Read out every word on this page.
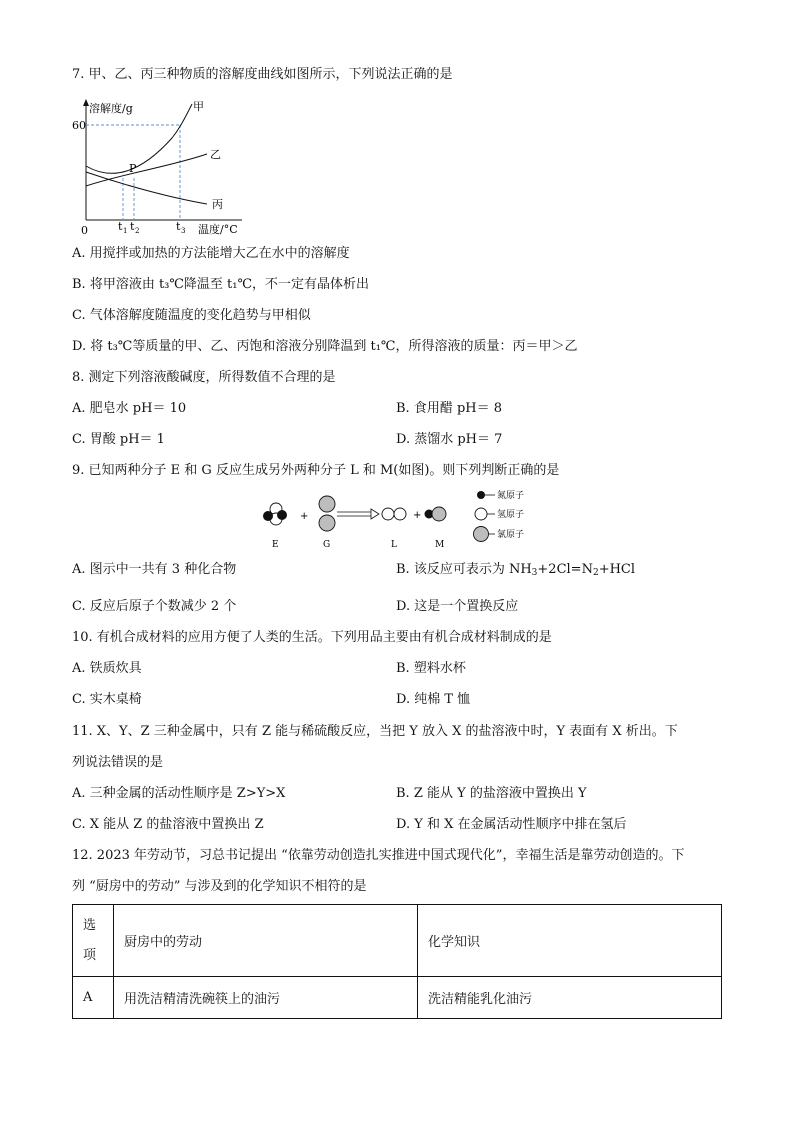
7. 甲、乙、丙三种物质的溶解度曲线如图所示，下列说法正确的是
溶解度/g
60
0
甲
乙
丙
P
t 1 t 2	t 3 温度/°C
A. 用搅拌或加热的方法能增大乙在水中的溶解度
B. 将甲溶液由 t₃℃降温至 t₁℃，不一定有晶体析出
C. 气体溶解度随温度的变化趋势与甲相似
D. 将 t₃℃等质量的甲、乙、丙饱和溶液分别降温到 t₁℃，所得溶液的质量：丙＝甲＞乙
8. 测定下列溶液酸碱度，所得数值不合理的是
A. 肥皂水 pH＝ 10	B. 食用醋 pH＝ 8
C. 胃酸 pH＝ 1	D. 蒸馏水 pH＝ 7
9. 已知两种分子 E 和 G 反应生成另外两种分子 L 和 M(如图)。则下列判断正确的是
+	+
E	G	L	M
氮原子
氢原子
氯原子
A. 图示中一共有 3 种化合物	B. 该反应可表示为 $NH_3+2Cl=N_2+HCl$
C. 反应后原子个数减少 2 个	D. 这是一个置换反应
10. 有机合成材料的应用方便了人类的生活。下列用品主要由有机合成材料制成的是
A. 铁质炊具	B. 塑料水杯
C. 实木桌椅	D. 纯棉 T 恤
11. X、Y、Z 三种金属中，只有 Z 能与稀硫酸反应，当把 Y 放入 X 的盐溶液中时，Y 表面有 X 析出。下
列说法错误的是
A. 三种金属的活动性顺序是 Z>Y>X	B. Z 能从 Y 的盐溶液中置换出 Y
C. X 能从 Z 的盐溶液中置换出 Z	D. Y 和 X 在金属活动性顺序中排在氢后
12. 2023 年劳动节，习总书记提出 “依靠劳动创造扎实推进中国式现代化”，幸福生活是靠劳动创造的。下
列 “厨房中的劳动” 与涉及到的化学知识不相符的是
选
项	厨房中的劳动	化学知识
A	用洗洁精清洗碗筷上的油污	洗洁精能乳化油污
